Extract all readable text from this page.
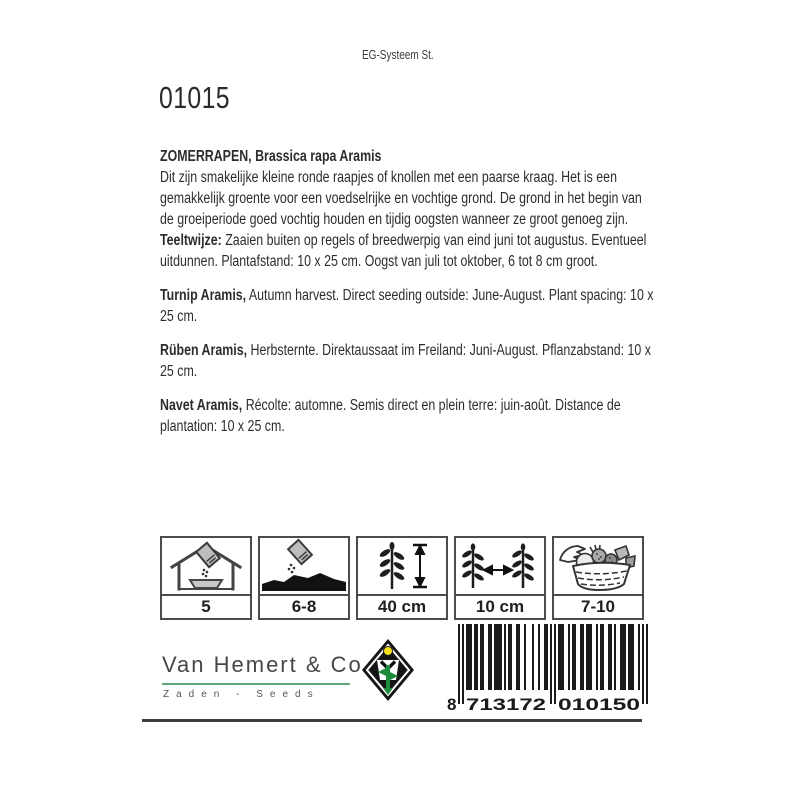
EG-Systeem St.
01015
ZOMERRAPEN, Brassica rapa Aramis

Dit zijn smakelijke kleine ronde raapjes of knollen met een paarse kraag. Het is een gemakkelijk groente voor een voedselrijke en vochtige grond. De grond in het begin van de groeiperiode goed vochtig houden en tijdig oogsten wanneer ze groot genoeg zijn. Teeltwijze: Zaaien buiten op regels of breedwerpig van eind juni tot augustus. Eventueel uitdunnen. Plantafstand: 10 x 25 cm. Oogst van juli tot oktober, 6 tot 8 cm groot.

Turnip Aramis, Autumn harvest. Direct seeding outside: June-August. Plant spacing: 10 x 25 cm.

Rüben Aramis, Herbsternte. Direktaussaat im Freiland: Juni-August. Pflanzabstand: 10 x 25 cm.

Navet Aramis, Récolte: automne. Semis direct en plein terre: juin-août. Distance de plantation: 10 x 25 cm.

5	6-8	40 cm	10 cm	7-10
Van Hemert & Co
Zaden - Seeds
8 713172 010150
